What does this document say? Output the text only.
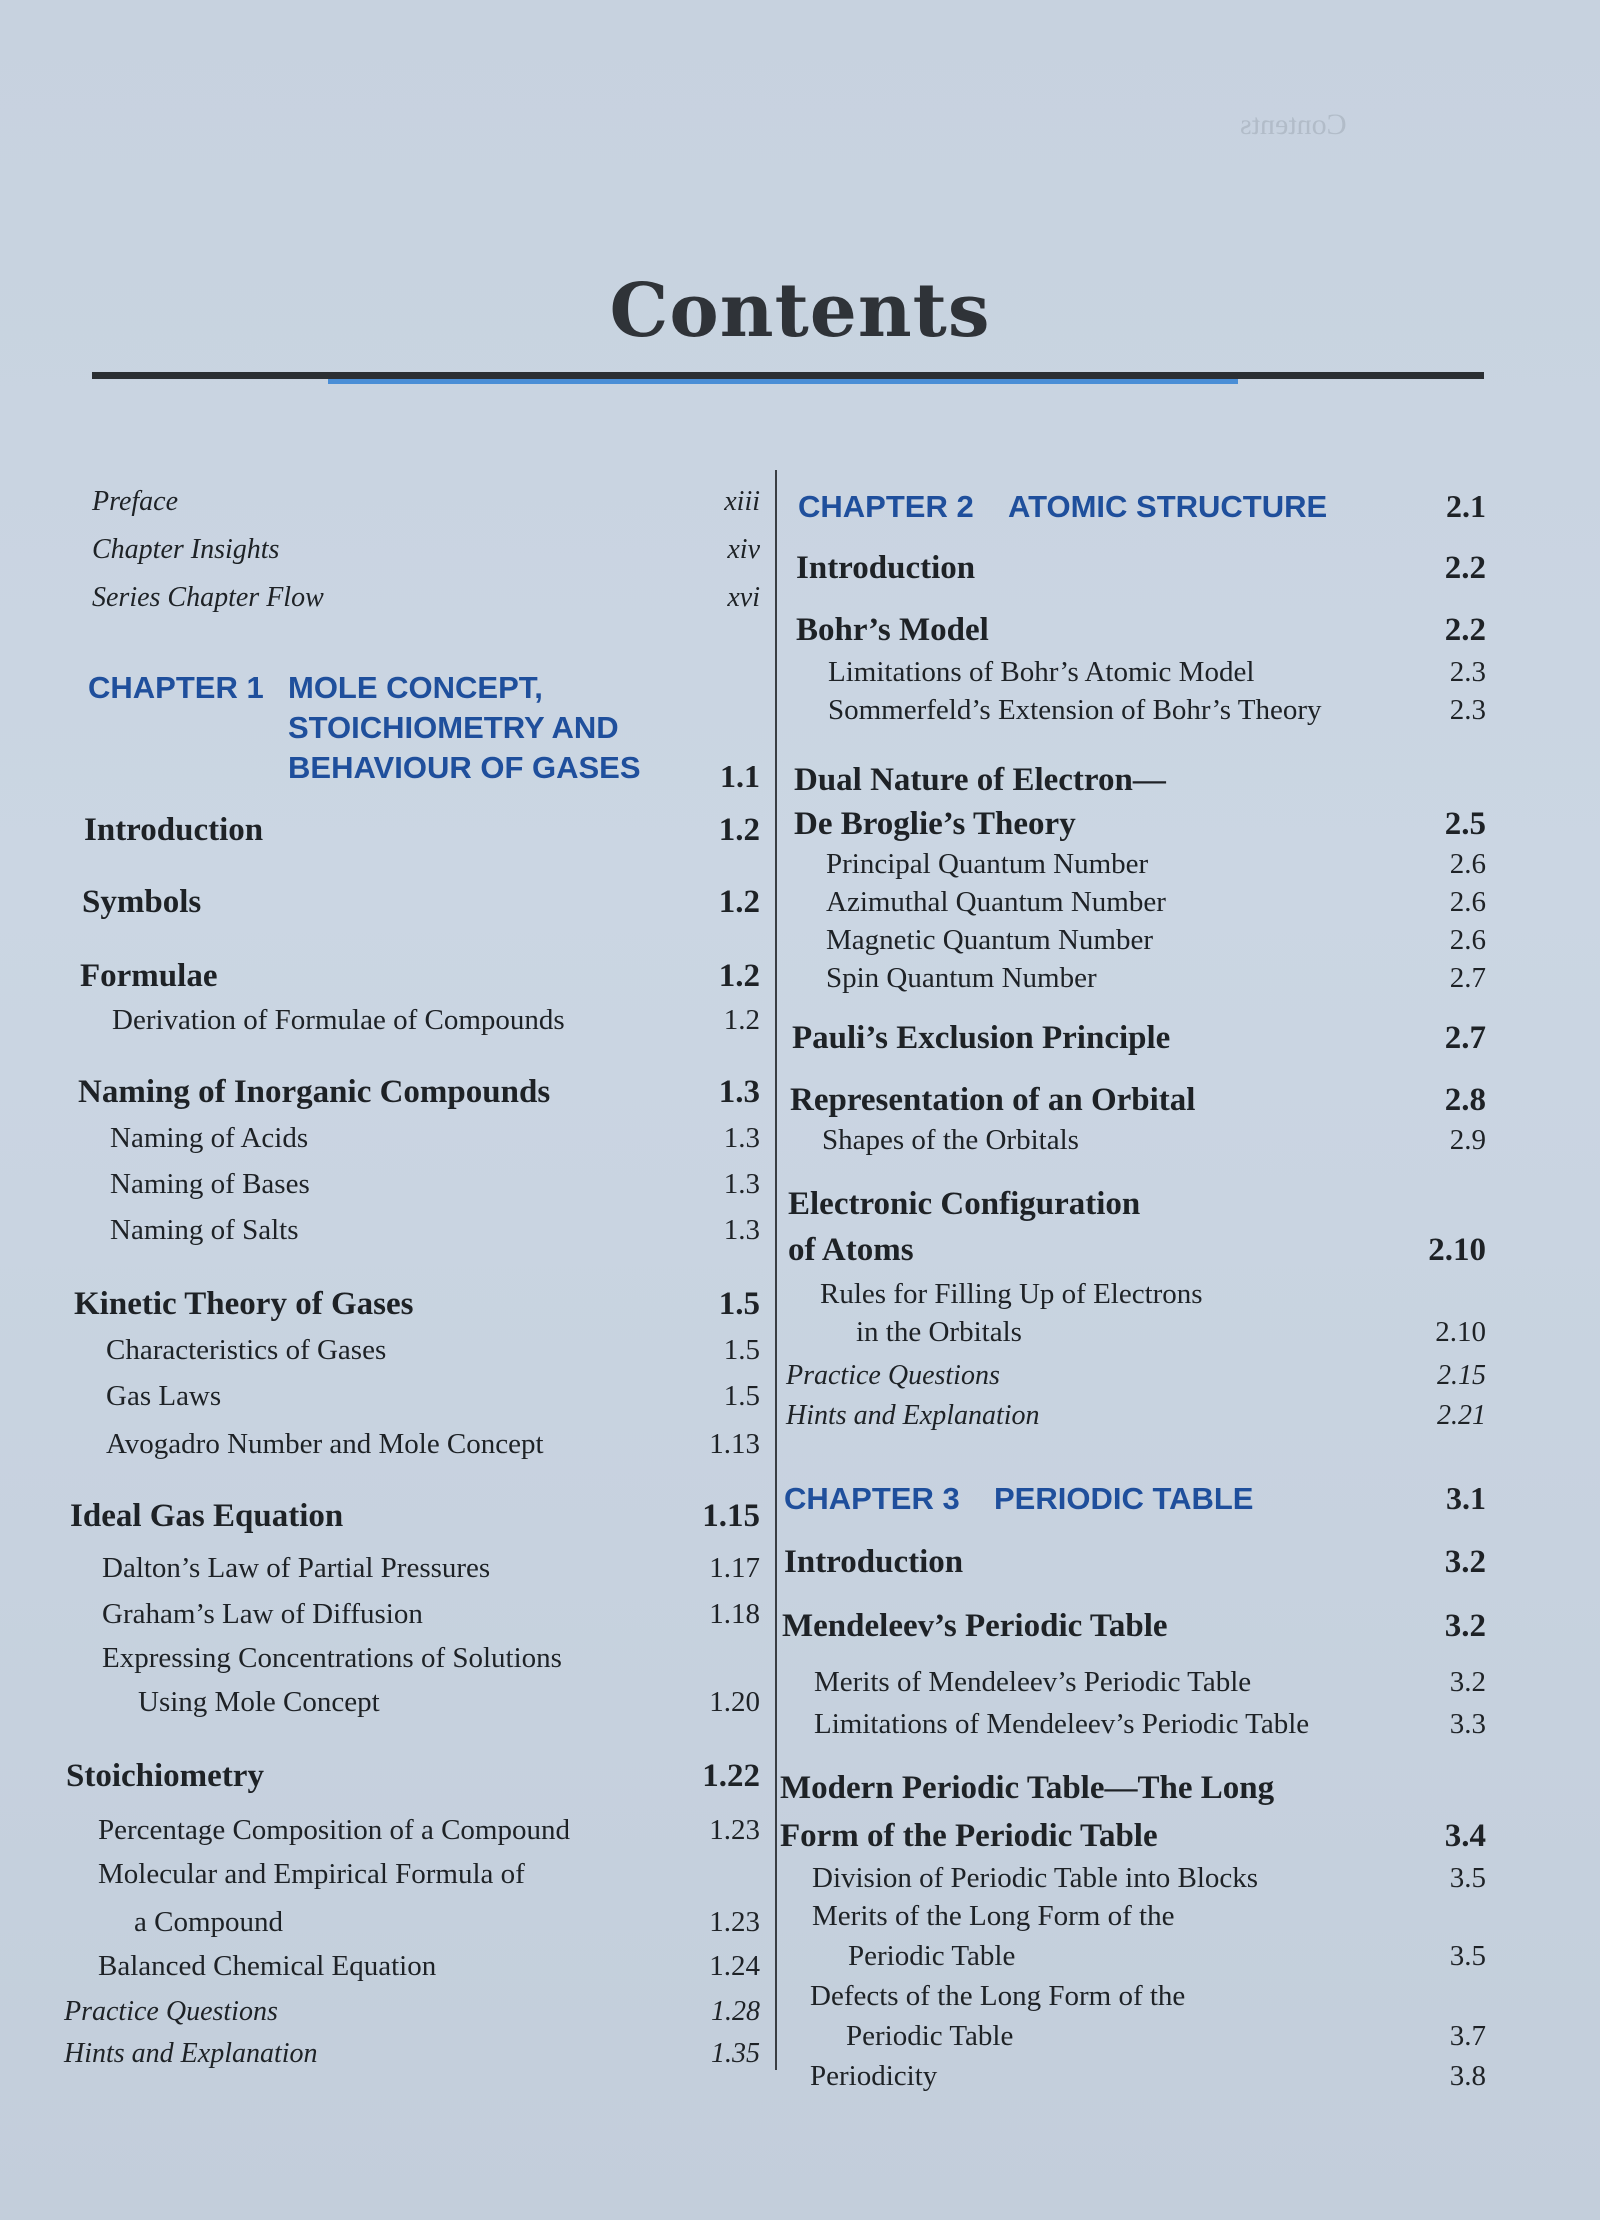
Contents
Contents
Preface	xiii
Chapter Insights	xiv
Series Chapter Flow	xvi
CHAPTER 1 MOLE CONCEPT,
STOICHIOMETRY AND
BEHAVIOUR OF GASES 1.1
Introduction	1.2
Symbols	1.2
Formulae	1.2
Derivation of Formulae of Compounds	1.2
Naming of Inorganic Compounds	1.3
Naming of Acids	1.3
Naming of Bases	1.3
Naming of Salts	1.3
Kinetic Theory of Gases	1.5
Characteristics of Gases	1.5
Gas Laws	1.5
Avogadro Number and Mole Concept	1.13
Ideal Gas Equation	1.15
Dalton’s Law of Partial Pressures	1.17
Graham’s Law of Diffusion	1.18
Expressing Concentrations of Solutions
Using Mole Concept	1.20
Stoichiometry	1.22
Percentage Composition of a Compound	1.23
Molecular and Empirical Formula of
a Compound	1.23
Balanced Chemical Equation	1.24
Practice Questions	1.28
Hints and Explanation	1.35
CHAPTER 2 ATOMIC STRUCTURE	2.1
Introduction	2.2
Bohr’s Model	2.2
Limitations of Bohr’s Atomic Model	2.3
Sommerfeld’s Extension of Bohr’s Theory	2.3
Dual Nature of Electron—
De Broglie’s Theory	2.5
Principal Quantum Number	2.6
Azimuthal Quantum Number	2.6
Magnetic Quantum Number	2.6
Spin Quantum Number	2.7
Pauli’s Exclusion Principle	2.7
Representation of an Orbital	2.8
Shapes of the Orbitals	2.9
Electronic Configuration
of Atoms	2.10
Rules for Filling Up of Electrons
in the Orbitals	2.10
Practice Questions	2.15
Hints and Explanation	2.21
CHAPTER 3 PERIODIC TABLE	3.1
Introduction	3.2
Mendeleev’s Periodic Table	3.2
Merits of Mendeleev’s Periodic Table	3.2
Limitations of Mendeleev’s Periodic Table	3.3
Modern Periodic Table—The Long
Form of the Periodic Table	3.4
Division of Periodic Table into Blocks	3.5
Merits of the Long Form of the
Periodic Table	3.5
Defects of the Long Form of the
Periodic Table	3.7
Periodicity	3.8
